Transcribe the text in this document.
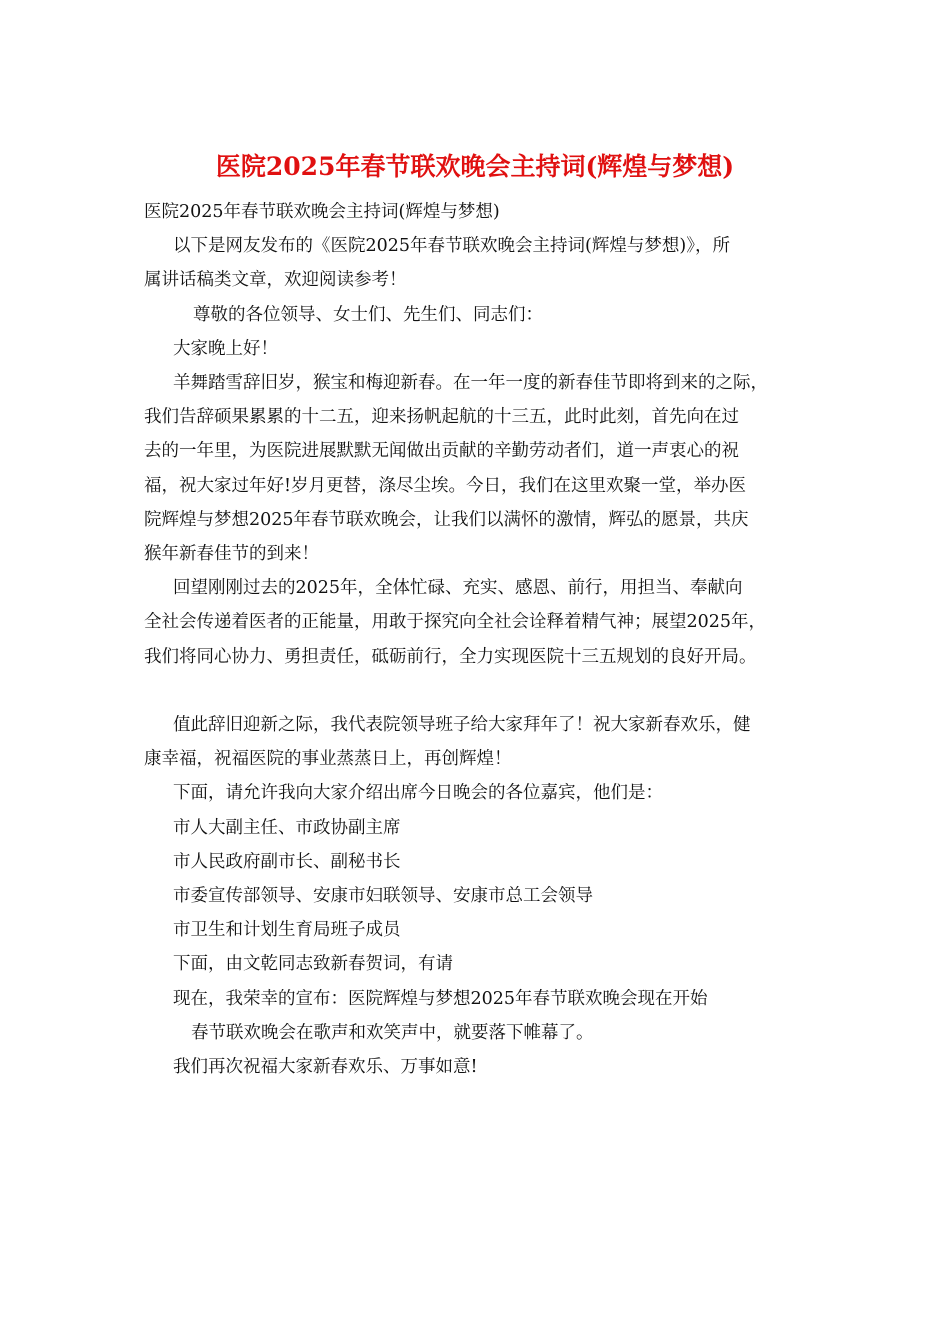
医院2025年春节联欢晚会主持词(辉煌与梦想)

医院2025年春节联欢晚会主持词(辉煌与梦想)

以下是网友发布的《医院2025年春节联欢晚会主持词(辉煌与梦想)》，所

属讲话稿类文章，欢迎阅读参考！

尊敬的各位领导、女士们、先生们、同志们：

大家晚上好！

羊舞踏雪辞旧岁，猴宝和梅迎新春。在一年一度的新春佳节即将到来的之际，

我们告辞硕果累累的十二五，迎来扬帆起航的十三五，此时此刻，首先向在过

去的一年里，为医院进展默默无闻做出贡献的辛勤劳动者们，道一声衷心的祝

福，祝大家过年好!岁月更替，涤尽尘埃。今日，我们在这里欢聚一堂，举办医

院辉煌与梦想2025年春节联欢晚会，让我们以满怀的激情，辉弘的愿景，共庆

猴年新春佳节的到来！

回望刚刚过去的2025年，全体忙碌、充实、感恩、前行，用担当、奉献向

全社会传递着医者的正能量，用敢于探究向全社会诠释着精气神；展望2025年，

我们将同心协力、勇担责任，砥砺前行，全力实现医院十三五规划的良好开局。

值此辞旧迎新之际，我代表院领导班子给大家拜年了！祝大家新春欢乐，健

康幸福，祝福医院的事业蒸蒸日上，再创辉煌！

下面，请允许我向大家介绍出席今日晚会的各位嘉宾，他们是：

市人大副主任、市政协副主席

市人民政府副市长、副秘书长

市委宣传部领导、安康市妇联领导、安康市总工会领导

市卫生和计划生育局班子成员

下面，由文乾同志致新春贺词，有请

现在，我荣幸的宣布：医院辉煌与梦想2025年春节联欢晚会现在开始

春节联欢晚会在歌声和欢笑声中，就要落下帷幕了。

我们再次祝福大家新春欢乐、万事如意!
